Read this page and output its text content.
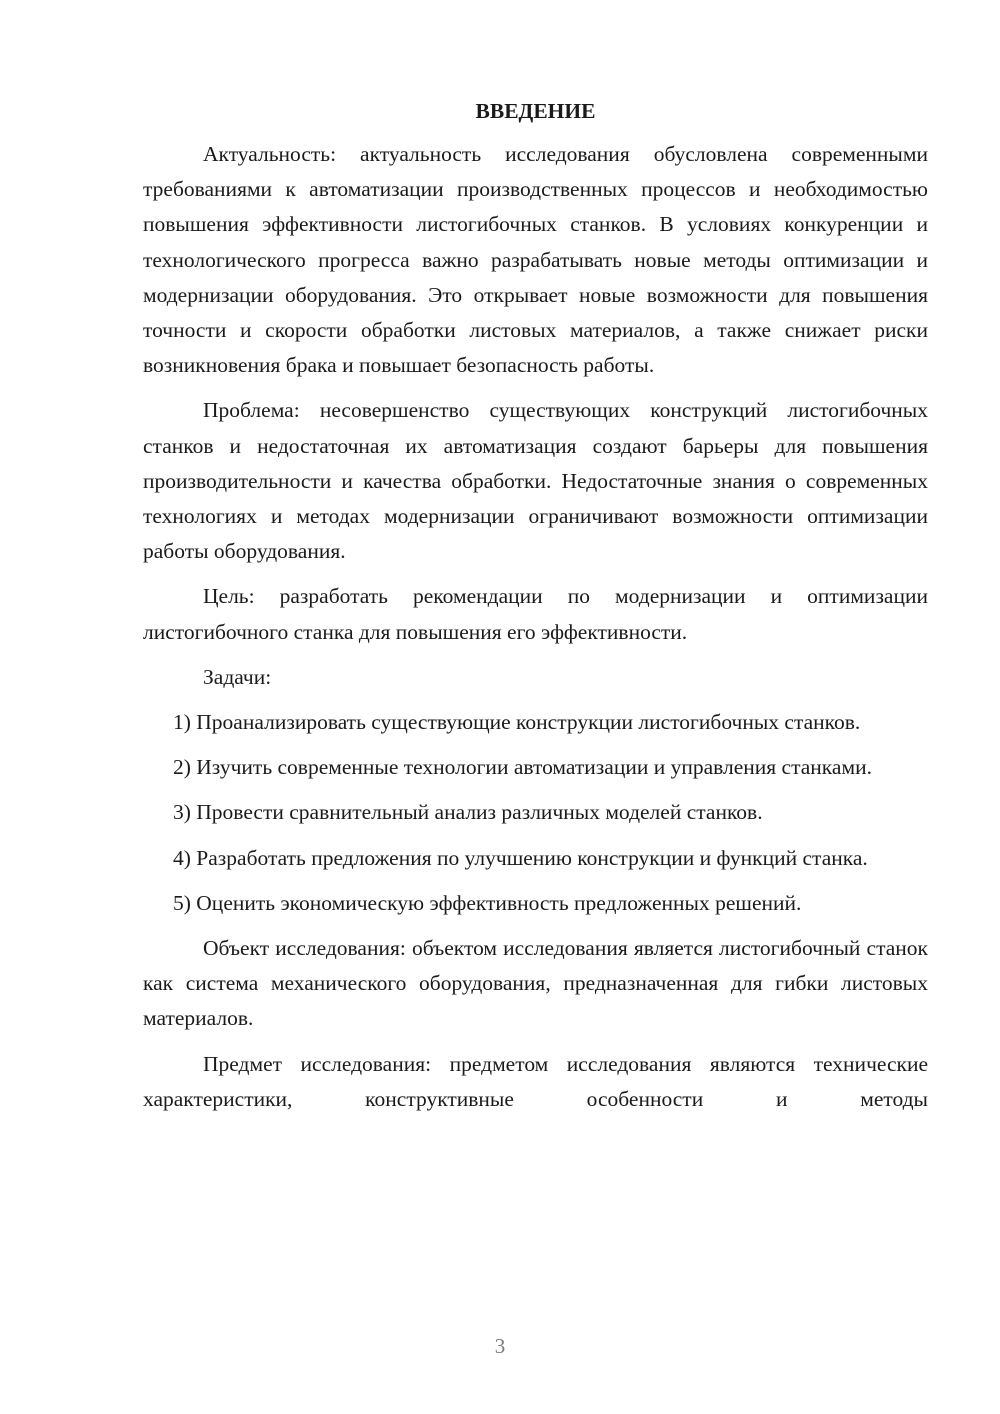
ВВЕДЕНИЕ

Актуальность: актуальность исследования обусловлена современными требованиями к автоматизации производственных процессов и необходимостью повышения эффективности листогибочных станков. В условиях конкуренции и технологического прогресса важно разрабатывать новые методы оптимизации и модернизации оборудования. Это открывает новые возможности для повышения точности и скорости обработки листовых материалов, а также снижает риски возникновения брака и повышает безопасность работы.

Проблема: несовершенство существующих конструкций листогибочных станков и недостаточная их автоматизация создают барьеры для повышения производительности и качества обработки. Недостаточные знания о современных технологиях и методах модернизации ограничивают возможности оптимизации работы оборудования.

Цель: разработать рекомендации по модернизации и оптимизации листогибочного станка для повышения его эффективности.

Задачи:

1) Проанализировать существующие конструкции листогибочных станков.

2) Изучить современные технологии автоматизации и управления станками.

3) Провести сравнительный анализ различных моделей станков.

4) Разработать предложения по улучшению конструкции и функций станка.

5) Оценить экономическую эффективность предложенных решений.

Объект исследования: объектом исследования является листогибочный станок как система механического оборудования, предназначенная для гибки листовых материалов.

Предмет исследования: предметом исследования являются технические характеристики, конструктивные особенности и методы

3
